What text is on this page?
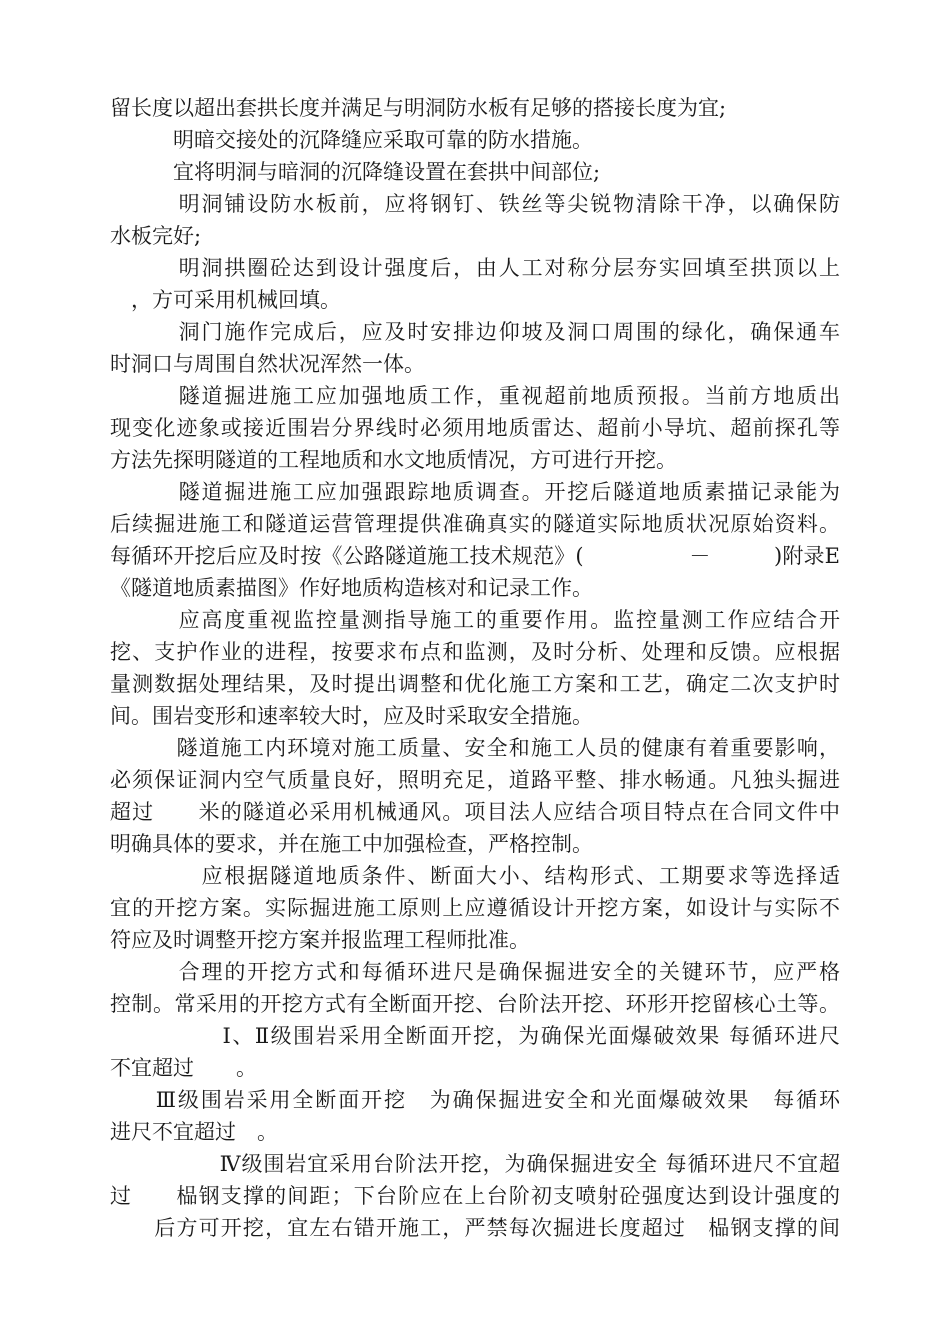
留长度以超出套拱长度并满足与明洞防水板有足够的搭接长度为宜;
　　　明暗交接处的沉降缝应采取可靠的防水措施。
　　　宜将明洞与暗洞的沉降缝设置在套拱中间部位;
　　　明洞铺设防水板前，应将钢钉、铁丝等尖锐物清除干净，以确保防
水板完好;
　　　明洞拱圈砼达到设计强度后，由人工对称分层夯实回填至拱顶以上
　，方可采用机械回填。
　　　洞门施作完成后，应及时安排边仰坡及洞口周围的绿化，确保通车
时洞口与周围自然状况浑然一体。
　　　隧道掘进施工应加强地质工作，重视超前地质预报。当前方地质出
现变化迹象或接近围岩分界线时必须用地质雷达、超前小导坑、超前探孔等
方法先探明隧道的工程地质和水文地质情况，方可进行开挖。
　　　隧道掘进施工应加强跟踪地质调查。开挖后隧道地质素描记录能为
后续掘进施工和隧道运营管理提供准确真实的隧道实际地质状况原始资料。
每循环开挖后应及时按《公路隧道施工技术规范》(　　　　　－　　　)附录E
《隧道地质素描图》作好地质构造核对和记录工作。
　　　应高度重视监控量测指导施工的重要作用。监控量测工作应结合开
挖、支护作业的进程，按要求布点和监测，及时分析、处理和反馈。应根据
量测数据处理结果，及时提出调整和优化施工方案和工艺，确定二次支护时
间。围岩变形和速率较大时，应及时采取安全措施。
　　　隧道施工内环境对施工质量、安全和施工人员的健康有着重要影响，
必须保证洞内空气质量良好，照明充足，道路平整、排水畅通。凡独头掘进
超过　　米的隧道必采用机械通风。项目法人应结合项目特点在合同文件中
明确具体的要求，并在施工中加强检查，严格控制。
　　　　应根据隧道地质条件、断面大小、结构形式、工期要求等选择适
宜的开挖方案。实际掘进施工原则上应遵循设计开挖方案，如设计与实际不
符应及时调整开挖方案并报监理工程师批准。
　　　合理的开挖方式和每循环进尺是确保掘进安全的关键环节，应严格
控制。常采用的开挖方式有全断面开挖、台阶法开挖、环形开挖留核心土等。
　　　　　Ⅰ、Ⅱ级围岩采用全断面开挖，为确保光面爆破效果 每循环进尺
不宜超过　　。
　　Ⅲ级围岩采用全断面开挖　为确保掘进安全和光面爆破效果　每循环
进尺不宜超过　。
　　　　　Ⅳ级围岩宜采用台阶法开挖，为确保掘进安全 每循环进尺不宜超
过　　榀钢支撑的间距；下台阶应在上台阶初支喷射砼强度达到设计强度的
　　后方可开挖，宜左右错开施工，严禁每次掘进长度超过　榀钢支撑的间
